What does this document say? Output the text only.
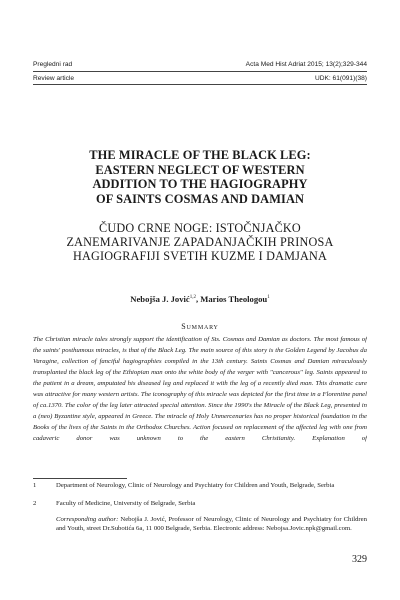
Pregledni rad	Acta Med Hist Adriat 2015; 13(2);329-344
Review article	UDK: 61(091)(38)
THE MIRACLE OF THE BLACK LEG:
EASTERN NEGLECT OF WESTERN
ADDITION TO THE HAGIOGRAPHY
OF SAINTS COSMAS AND DAMIAN
ČUDO CRNE NOGE: ISTOČNJAČKO
ZANEMARIVANJE ZAPADANJAČKIH PRINOSA
HAGIOGRAFIJI SVETIH KUZME I DAMJANA
Nebojša J. Jović$^{1,2}$, Marios Theologou$^1$
Summary

The Christian miracle tales strongly support the identification of Sts. Cosmas and Damian as doctors. The most famous of the saints' posthumous miracles, is that of the Black Leg. The main source of this story is the Golden Legend by Jacobus da Varagine, collection of fanciful hagiographies compiled in the 13th century. Saints Cosmas and Damian miraculously transplanted the black leg of the Ethiopian man onto the white body of the verger with "cancerous" leg. Saints appeared to the patient in a dream, amputated his diseased leg and replaced it with the leg of a recently died man. This dramatic cure was attractive for many western artists. The iconography of this miracle was depicted for the first time in a Florentine panel of ca.1370. The color of the leg later attracted special attention. Since the 1990's the Miracle of the Black Leg, presented in a (neo) Byzantine style, appeared in Greece. The miracle of Holy Unmercenaries has no proper historical foundation in the Books of the lives of the Saints in the Orthodox Churches. Action focused on replacement of the affected leg with one from cadaveric donor was unknown to the eastern Christianity. Explanation of

1	Department of Neurology, Clinic of Neurology and Psychiatry for Children and Youth, Belgrade, Serbia
2	Faculty of Medicine, University of Belgrade, Serbia
Corresponding author: Nebojša J. Jović, Professor of Neurology, Clinic of Neurology and Psychiatry for Children and Youth, street Dr.Subotića 6a, 11 000 Belgrade, Serbia. Electronic address: Nebojsa.Jovic.npk@gmail.com.
329
